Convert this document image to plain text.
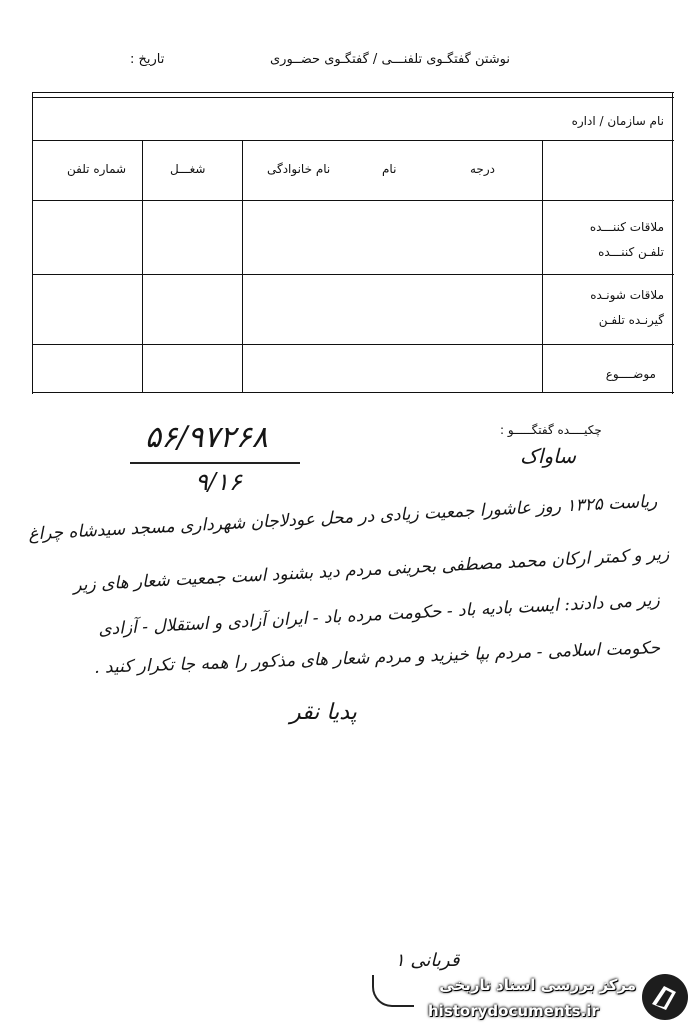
نوشتن گفتگـوی تلفنـــی / گفتگـوی حضــوری
تاریخ :
نام سازمان / اداره
درجه
نام
نام خانوادگی
شغـــل
شماره تلفن
ملاقات کننـــده
تلفـن کننـــده
ملاقات شونـده
گیرنـده تلفـن
موضــــوع
چکیــــده گفتگـــــو :
۵۶/۹۷۲۶۸
۹/۱۶
ساواک
ریاست ۱۳۲۵ روز عاشورا جمعیت زیادی در محل عودلاجان شهرداری مسجد سیدشاه چراغ
زیر و کمتر ارکان محمد مصطفی بحرینی مردم دید بشنود است جمعیت شعار های زیر
زیر می دادند: ایست بادیه باد - حکومت مرده باد - ایران آزادی و استقلال - آزادی
حکومت اسلامی - مردم بپا خیزید و مردم شعار های مذکور را همه جا تکرار کنید .
پدیا نقر
قربانی ۱
مرکز بررسی اسناد تاریخی
historydocuments.ir
